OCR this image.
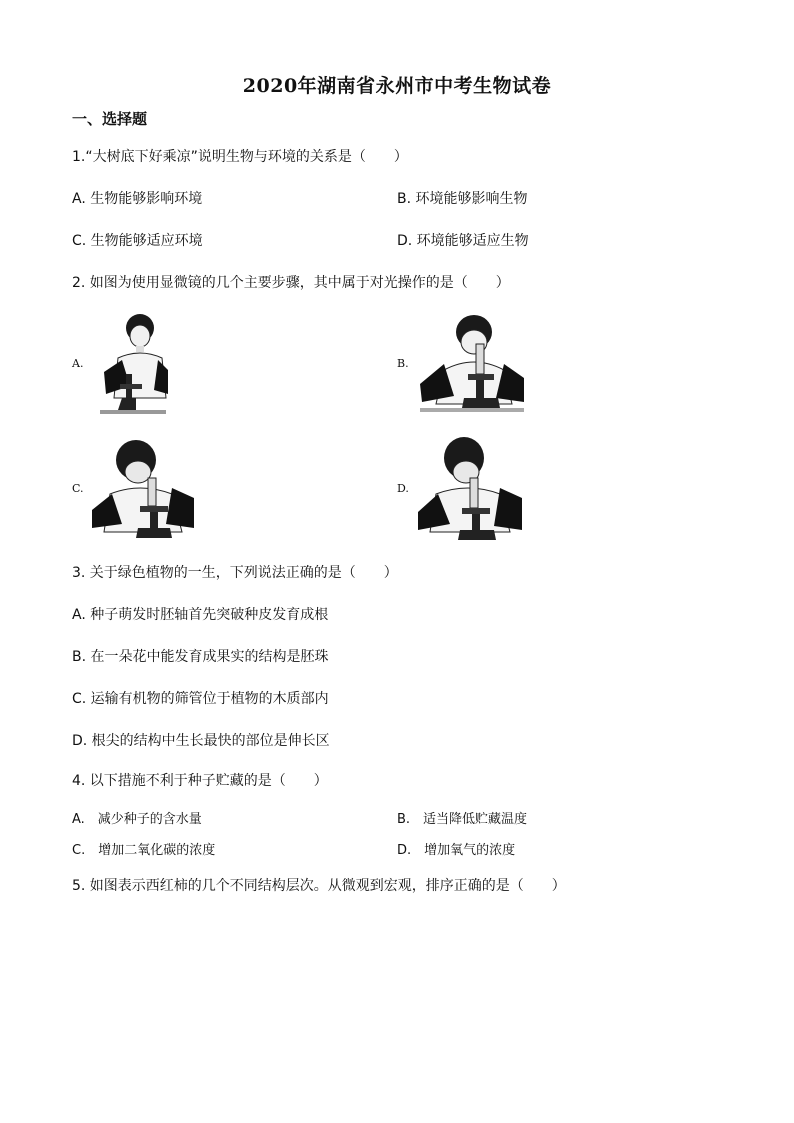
2020年湖南省永州市中考生物试卷
一、选择题
1.“大树底下好乘凉”说明生物与环境的关系是（　　）
A. 生物能够影响环境	B. 环境能够影响生物
C. 生物能够适应环境	D. 环境能够适应生物
2. 如图为使用显微镜的几个主要步骤，其中属于对光操作的是（　　）
A.	B.
C.	D.
3. 关于绿色植物的一生，下列说法正确的是（　　）
A. 种子萌发时胚轴首先突破种皮发育成根
B. 在一朵花中能发育成果实的结构是胚珠
C. 运输有机物的筛管位于植物的木质部内
D. 根尖的结构中生长最快的部位是伸长区
4. 以下措施不利于种子贮藏的是（　　）
A.　减少种子的含水量	B.　适当降低贮藏温度
C.　增加二氧化碳的浓度	D.　增加氧气的浓度
5. 如图表示西红柿的几个不同结构层次。从微观到宏观，排序正确的是（　　）
